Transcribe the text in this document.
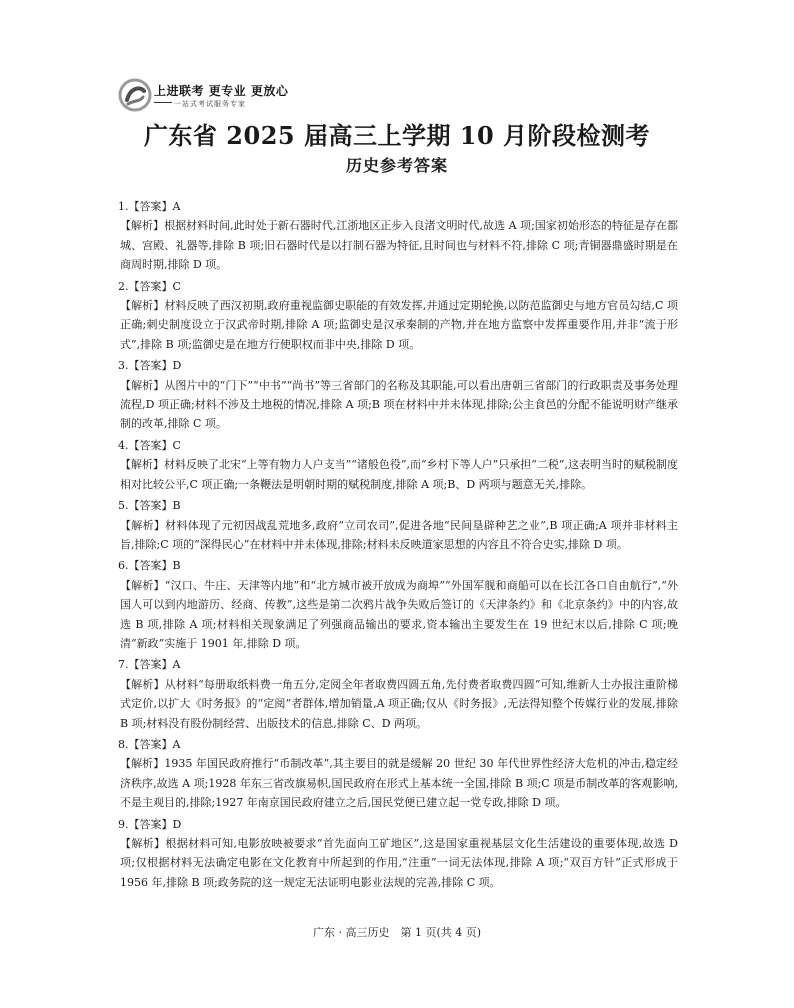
上进联考 更专业 更放心
一站式考试服务专家
广东省 2025 届高三上学期 10 月阶段检测考
历史参考答案
1.【答案】A
【解析】根据材料时间,此时处于新石器时代,江浙地区正步入良渚文明时代,故选 A 项;国家初始形态的特征是存在都城、宫殿、礼器等,排除 B 项;旧石器时代是以打制石器为特征,且时间也与材料不符,排除 C 项;青铜器鼎盛时期是在商周时期,排除 D 项。
2.【答案】C
【解析】材料反映了西汉初期,政府重视监御史职能的有效发挥,并通过定期轮换,以防范监御史与地方官员勾结,C 项正确;刺史制度设立于汉武帝时期,排除 A 项;监御史是汉承秦制的产物,并在地方监察中发挥重要作用,并非“流于形式”,排除 B 项;监御史是在地方行使职权而非中央,排除 D 项。
3.【答案】D
【解析】从图片中的“门下”“中书”“尚书”等三省部门的名称及其职能,可以看出唐朝三省部门的行政职责及事务处理流程,D 项正确;材料不涉及土地税的情况,排除 A 项;B 项在材料中并未体现,排除;公主食邑的分配不能说明财产继承制的改革,排除 C 项。
4.【答案】C
【解析】材料反映了北宋“上等有物力人户支当”“诸般色役”,而“乡村下等人户”只承担“二税”,这表明当时的赋税制度相对比较公平,C 项正确;一条鞭法是明朝时期的赋税制度,排除 A 项;B、D 两项与题意无关,排除。
5.【答案】B
【解析】材料体现了元初因战乱荒地多,政府“立司农司”,促进各地“民间垦辟种艺之业”,B 项正确;A 项并非材料主旨,排除;C 项的“深得民心”在材料中并未体现,排除;材料未反映道家思想的内容且不符合史实,排除 D 项。
6.【答案】B
【解析】“汉口、牛庄、天津等内地”和“北方城市被开放成为商埠”“外国军舰和商船可以在长江各口自由航行”,“外国人可以到内地游历、经商、传教”,这些是第二次鸦片战争失败后签订的《天津条约》和《北京条约》中的内容,故选 B 项,排除 A 项;材料相关现象满足了列强商品输出的要求,资本输出主要发生在 19 世纪末以后,排除 C 项;晚清“新政”实施于 1901 年,排除 D 项。
7.【答案】A
【解析】从材料“每册取纸料费一角五分,定阅全年者取费四圆五角,先付费者取费四圆”可知,维新人士办报注重阶梯式定价,以扩大《时务报》的“定阅”者群体,增加销量,A 项正确;仅从《时务报》,无法得知整个传媒行业的发展,排除 B 项;材料没有股份制经营、出版技术的信息,排除 C、D 两项。
8.【答案】A
【解析】1935 年国民政府推行“币制改革”,其主要目的就是缓解 20 世纪 30 年代世界性经济大危机的冲击,稳定经济秩序,故选 A 项;1928 年东三省改旗易帜,国民政府在形式上基本统一全国,排除 B 项;C 项是币制改革的客观影响,不是主观目的,排除;1927 年南京国民政府建立之后,国民党便已建立起一党专政,排除 D 项。
9.【答案】D
【解析】根据材料可知,电影放映被要求“首先面向工矿地区”,这是国家重视基层文化生活建设的重要体现,故选 D 项;仅根据材料无法确定电影在文化教育中所起到的作用,“注重”一词无法体现,排除 A 项;“双百方针”正式形成于 1956 年,排除 B 项;政务院的这一规定无法证明电影业法规的完善,排除 C 项。
广东 · 高三历史　第 1 页(共 4 页)
